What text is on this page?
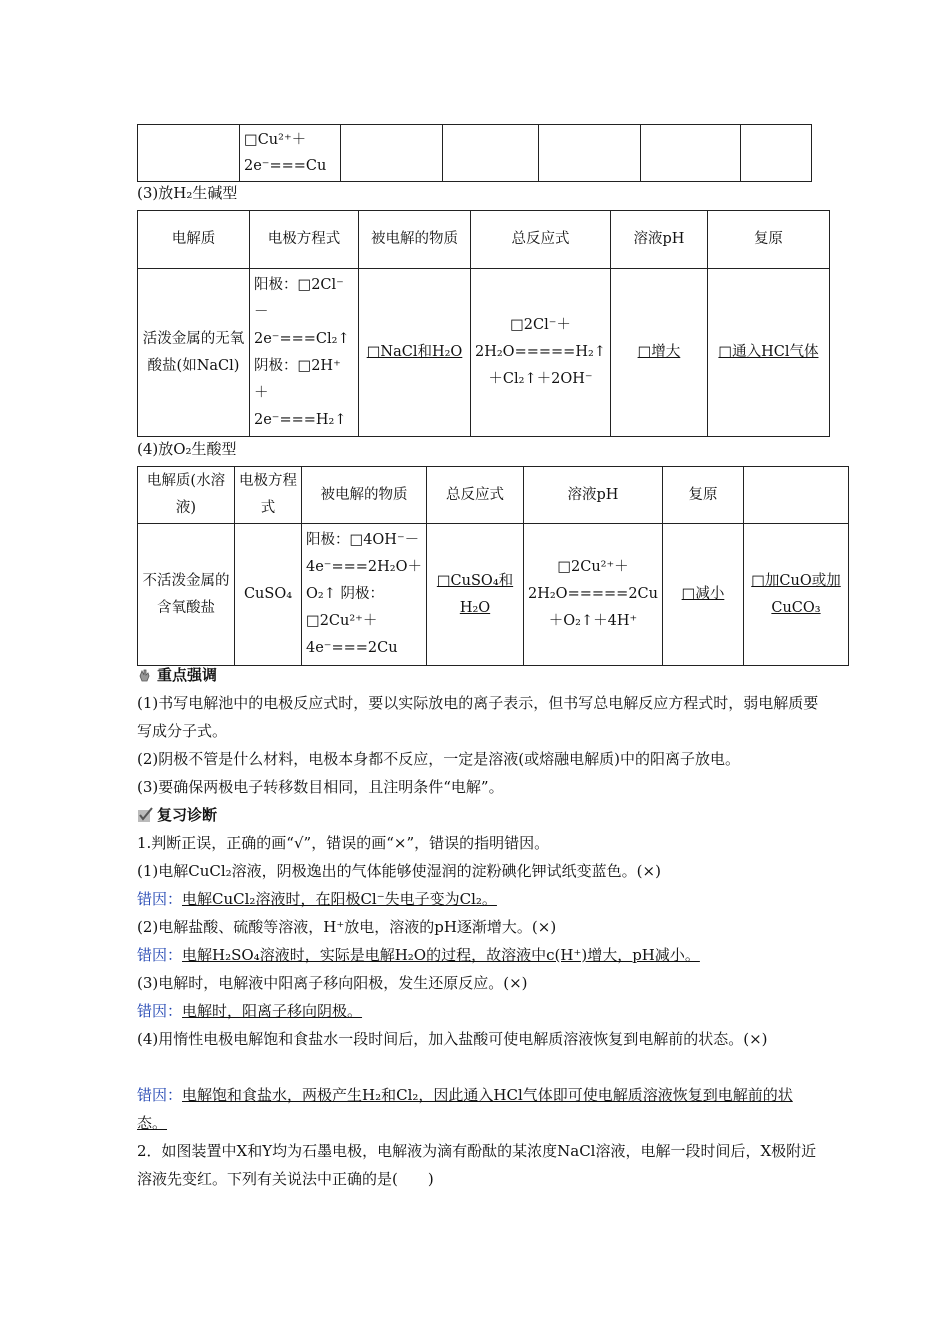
	□Cu²⁺＋2e⁻===Cu					
(3)放H₂生碱型
电解质	电极方程式	被电解的物质	总反应式	溶液pH	复原
活泼金属的无氧酸盐(如NaCl)	阳极：□2Cl⁻－2e⁻===Cl₂↑ 阴极：□2H⁺＋2e⁻===H₂↑	□NaCl和H₂O	□2Cl⁻＋2H₂O=====H₂↑＋Cl₂↑＋2OH⁻	□增大	□通入HCl气体
(4)放O₂生酸型
电解质(水溶液)	电极方程式	被电解的物质	总反应式	溶液pH	复原	
不活泼金属的含氧酸盐	CuSO₄	阳极：□4OH⁻－4e⁻===2H₂O＋O₂↑ 阴极：□2Cu²⁺＋4e⁻===2Cu	□CuSO₄和H₂O	□2Cu²⁺＋2H₂O=====2Cu＋O₂↑＋4H⁺	□减小	□加CuO或加CuCO₃
重点强调
(1)书写电解池中的电极反应式时，要以实际放电的离子表示，但书写总电解反应方程式时，弱电解质要写成分子式。
(2)阴极不管是什么材料，电极本身都不反应，一定是溶液(或熔融电解质)中的阳离子放电。
(3)要确保两极电子转移数目相同，且注明条件“电解”。
复习诊断
1.判断正误，正确的画“√”，错误的画“×”，错误的指明错因。
(1)电解CuCl₂溶液，阴极逸出的气体能够使湿润的淀粉碘化钾试纸变蓝色。(×)
错因：电解CuCl₂溶液时，在阳极Cl⁻失电子变为Cl₂。
(2)电解盐酸、硫酸等溶液，H⁺放电，溶液的pH逐渐增大。(×)
错因：电解H₂SO₄溶液时，实际是电解H₂O的过程，故溶液中c(H⁺)增大，pH减小。
(3)电解时，电解液中阳离子移向阳极，发生还原反应。(×)
错因：电解时，阳离子移向阴极。
(4)用惰性电极电解饱和食盐水一段时间后，加入盐酸可使电解质溶液恢复到电解前的状态。(×)
错因：电解饱和食盐水，两极产生H₂和Cl₂，因此通入HCl气体即可使电解质溶液恢复到电解前的状态。
2．如图装置中X和Y均为石墨电极，电解液为滴有酚酞的某浓度NaCl溶液，电解一段时间后，X极附近溶液先变红。下列有关说法中正确的是(　　)
